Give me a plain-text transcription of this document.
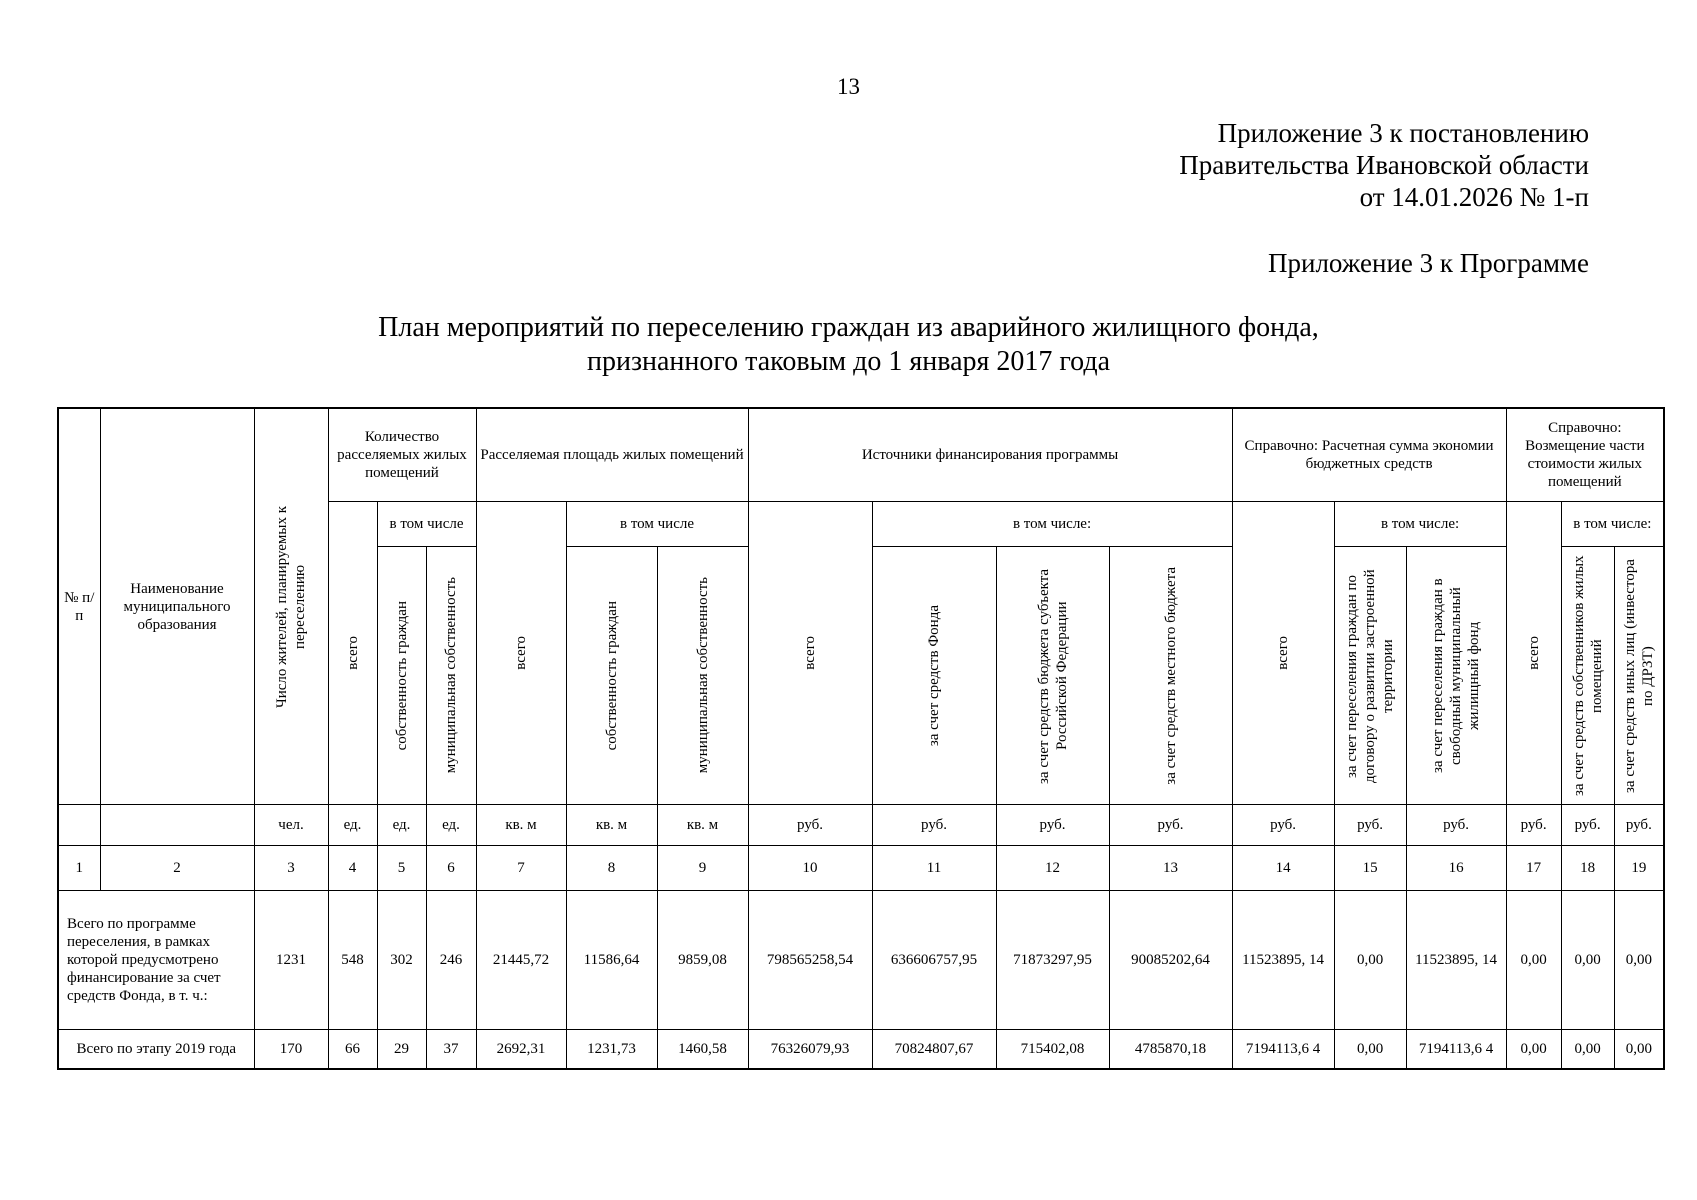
13
Приложение 3 к постановлению
Правительства Ивановской области
от 14.01.2026 № 1-п
Приложение 3 к Программе
План мероприятий по переселению граждан из аварийного жилищного фонда,
признанного таковым до 1 января 2017 года
№ п/п	Наименование муниципального образования	Число жителей, планируемых к переселению	Количество расселяемых жилых помещений			Расселяемая площадь жилых помещений			Источники финансирования программы				Справочно: Расчетная сумма экономии бюджетных средств			Справочно: Возмещение части стоимости жилых помещений		

			всего	в том числе		всего	в том числе		всего	в том числе:			всего	в том числе:		всего	в том числе:	

				собственность граждан	муниципальная собственность		собственность граждан	муниципальная собственность		за счет средств Фонда	за счет средств бюджета субъекта Российской Федерации	за счет средств местного бюджета		за счет переселения граждан по договору о развитии застроенной территории	за счет переселения граждан в свободный муниципальный жилищный фонд		за счет средств собственников жилых помещений	за счет средств иных лиц (инвестора по ДРЗТ)

		чел.	ед.	ед.	ед.	кв. м	кв. м	кв. м	руб.	руб.	руб.	руб.	руб.	руб.	руб.	руб.	руб.	руб.
1	2	3	4	5	6	7	8	9	10	11	12	13	14	15	16	17	18	19
Всего по программе переселения, в рамках которой предусмотрено финансирование за счет средств Фонда, в т. ч.:		1231	548	302	246	21445,72	11586,64	9859,08	798565258,54	636606757,95	71873297,95	90085202,64	11523895, 14	0,00	11523895, 14	0,00	0,00	0,00
Всего по этапу 2019 года		170	66	29	37	2692,31	1231,73	1460,58	76326079,93	70824807,67	715402,08	4785870,18	7194113,6 4	0,00	7194113,6 4	0,00	0,00	0,00
